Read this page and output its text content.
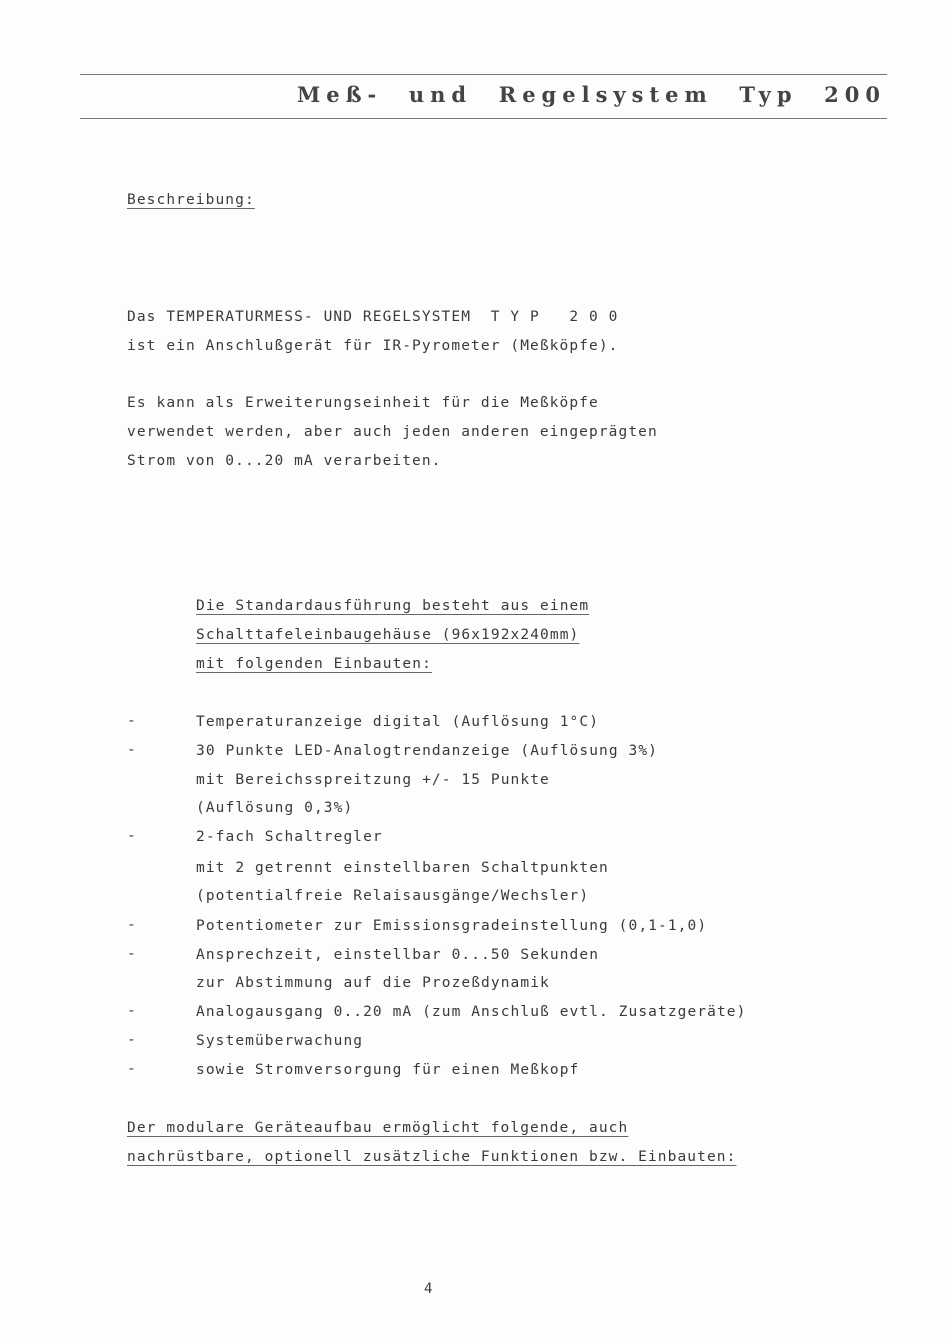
Meß-  und  Regelsystem  Typ  200
Beschreibung:
Das TEMPERATURMESS- UND REGELSYSTEM  T Y P   2 0 0
ist ein Anschlußgerät für IR-Pyrometer (Meßköpfe).
Es kann als Erweiterungseinheit für die Meßköpfe
verwendet werden, aber auch jeden anderen eingeprägten
Strom von 0...20 mA verarbeiten.
Die Standardausführung besteht aus einem
Schalttafeleinbaugehäuse (96x192x240mm)
mit folgenden Einbauten:
-	Temperaturanzeige digital (Auflösung 1°C)
-	30 Punkte LED-Analogtrendanzeige (Auflösung 3%)
mit Bereichsspreitzung +/- 15 Punkte
(Auflösung 0,3%)
-	2-fach Schaltregler
mit 2 getrennt einstellbaren Schaltpunkten
(potentialfreie Relaisausgänge/Wechsler)
-	Potentiometer zur Emissionsgradeinstellung (0,1-1,0)
-	Ansprechzeit, einstellbar 0...50 Sekunden
zur Abstimmung auf die Prozeßdynamik
-	Analogausgang 0..20 mA (zum Anschluß evtl. Zusatzgeräte)
-	Systemüberwachung
-	sowie Stromversorgung für einen Meßkopf
Der modulare Geräteaufbau ermöglicht folgende, auch
nachrüstbare, optionell zusätzliche Funktionen bzw. Einbauten:
4
